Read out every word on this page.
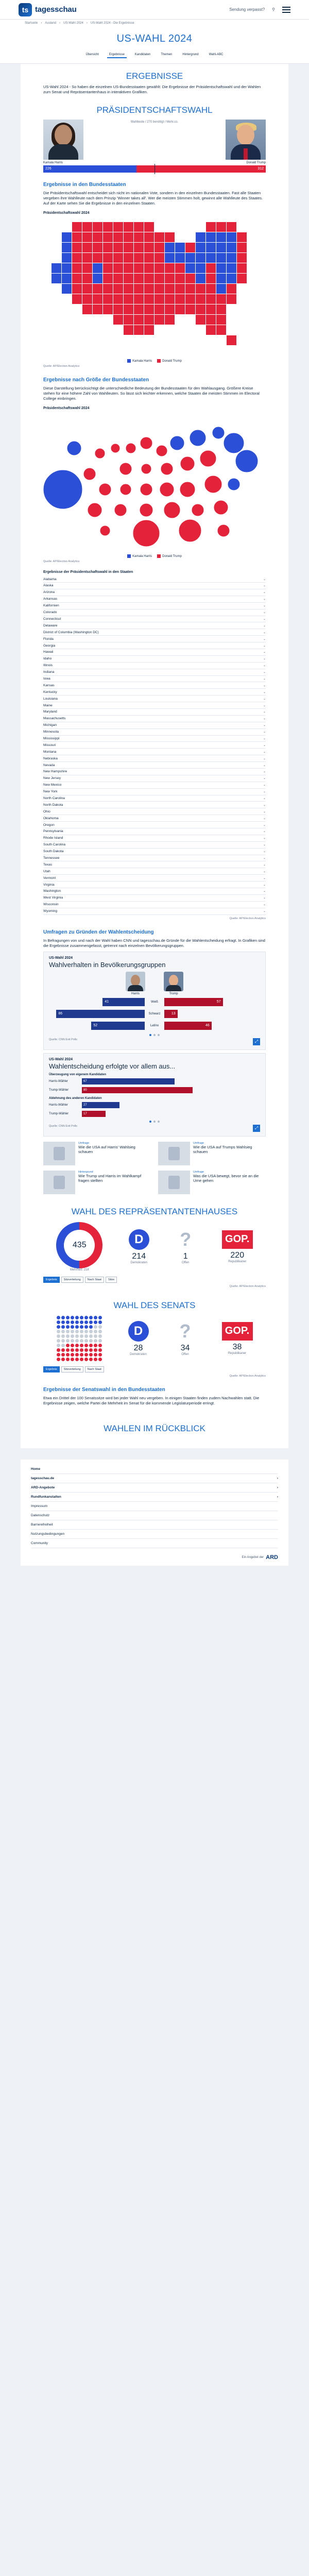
ts tagesschau	Sendung verpasst? ⚲
Startseite › Ausland › US-Wahl 2024 › US-Wahl 2024 - Die Ergebnisse
US-WAHL 2024
Übersicht	Ergebnisse	Kandidaten	Themen	Hintergrund	Wahl-ABC
ERGEBNISSE

US-Wahl 2024 - So haben die einzelnen US-Bundesstaaten gewählt: Die Ergebnisse der Präsidentschaftswahl und der Wahlen zum Senat und Repräsentantenhaus in interaktiven Grafiken.

PRÄSIDENTSCHAFTSWAHL
Wahlleute / 270 benötigt / Mehr.co.
Kamala Harris	Donald Trump
226	312
Ergebnisse in den Bundesstaaten

Die Präsidentschaftswahl entscheidet sich nicht im nationalen Vote, sondern in den einzelnen Bundesstaaten. Fast alle Staaten vergeben ihre Wahlleute nach dem Prinzip 'Winner takes all'. Wer die meisten Stimmen holt, gewinnt alle Wahlleute des Staates. Auf der Karte sehen Sie die Ergebnisse in den einzelnen Staaten.

Präsidentschaftswahl 2024
Kamala Harris	Donald Trump
Quelle: AP/Election Analytics
Ergebnisse nach Größe der Bundesstaaten

Diese Darstellung berücksichtigt die unterschiedliche Bedeutung der Bundesstaaten für den Wahlausgang. Größere Kreise stehen für eine höhere Zahl von Wahlleuten. So lässt sich leichter erkennen, welche Staaten die meisten Stimmen im Electoral College einbringen.

Präsidentschaftswahl 2024
Kamala Harris	Donald Trump
Quelle: AP/Election Analytics
Ergebnisse der Präsidentschaftswahl in den Staaten
Alabama	⌄
Alaska	⌄
Arizona	⌄
Arkansas	⌄
Kalifornien	⌄
Colorado	⌄
Connecticut	⌄
Delaware	⌄
District of Columbia (Washington DC)	⌄
Florida	⌄
Georgia	⌄
Hawaii	⌄
Idaho	⌄
Illinois	⌄
Indiana	⌄
Iowa	⌄
Kansas	⌄
Kentucky	⌄
Louisiana	⌄
Maine	⌄
Maryland	⌄
Massachusetts	⌄
Michigan	⌄
Minnesota	⌄
Mississippi	⌄
Missouri	⌄
Montana	⌄
Nebraska	⌄
Nevada	⌄
New Hampshire	⌄
New Jersey	⌄
New Mexico	⌄
New York	⌄
North Carolina	⌄
North Dakota	⌄
Ohio	⌄
Oklahoma	⌄
Oregon	⌄
Pennsylvania	⌄
Rhode Island	⌄
South Carolina	⌄
South Dakota	⌄
Tennessee	⌄
Texas	⌄
Utah	⌄
Vermont	⌄
Virginia	⌄
Washington	⌄
West Virginia	⌄
Wisconsin	⌄
Wyoming	⌄
Quelle: AP/Election Analytics
Umfragen zu Gründen der Wahlentscheidung

In Befragungen von und nach der Wahl haben CNN und tagesschau.de Gründe für die Wahlentscheidung erfragt. In Grafiken sind die Ergebnisse zusammengefasst, getrennt nach einzelnen Bevölkerungsgruppen.

US-Wahl 2024
Wahlverhalten in Bevölkerungsgruppen
Harris	Trump
41	Weiß	57
86	Schwarz	13
52	Latino	46
Quelle: CNN Exit Polls	⤢
US-Wahl 2024
Wahlentscheidung erfolgte vor allem aus...
Überzeugung von eigenem Kandidaten
Harris-Wähler	67
Trump-Wähler	80
Ablehnung des anderen Kandidaten
Harris-Wähler	27
Trump-Wähler	17
Quelle: CNN Exit Polls	⤢
Umfrage
Wie die USA auf Harris' Wahlsieg schauen
Umfrage
Wie die USA auf Trumps Wahlsieg schauen
Hintergrund
Wie Trump und Harris im Wahlkampf fragen stellten
Umfrage
Was die USA bewegt, bevor sie an die Urne gehen
WAHL DES REPRÄSENTANTENHAUSES
435
Mehrheit: 218
D
214
Demokraten
?
1
Offen
GOP.
220
Republikaner
Ergebnis	Sitzverteilung	Nach Staat	Sitze
Quelle: AP/Election Analytics
WAHL DES SENATS
D
28
Demokraten
?
34
Offen
GOP.
38
Republikaner
Ergebnis	Sitzverteilung	Nach Staat
Quelle: AP/Election Analytics
Ergebnisse der Senatswahl in den Bundesstaaten

Etwa ein Drittel der 100 Senatssitze wird bei jeder Wahl neu vergeben. In einigen Staaten finden zudem Nachwahlen statt. Die Ergebnisse zeigen, welche Partei die Mehrheit im Senat für die kommende Legislaturperiode erringt.

WAHLEN IM RÜCKBLICK
Home
tagesschau.de	›
ARD-Angebote	›
Rundfunkanstalten	›
Impressum
Datenschutz
Barrierefreiheit
Nutzungsbedingungen
Community
Ein Angebot der ARD
